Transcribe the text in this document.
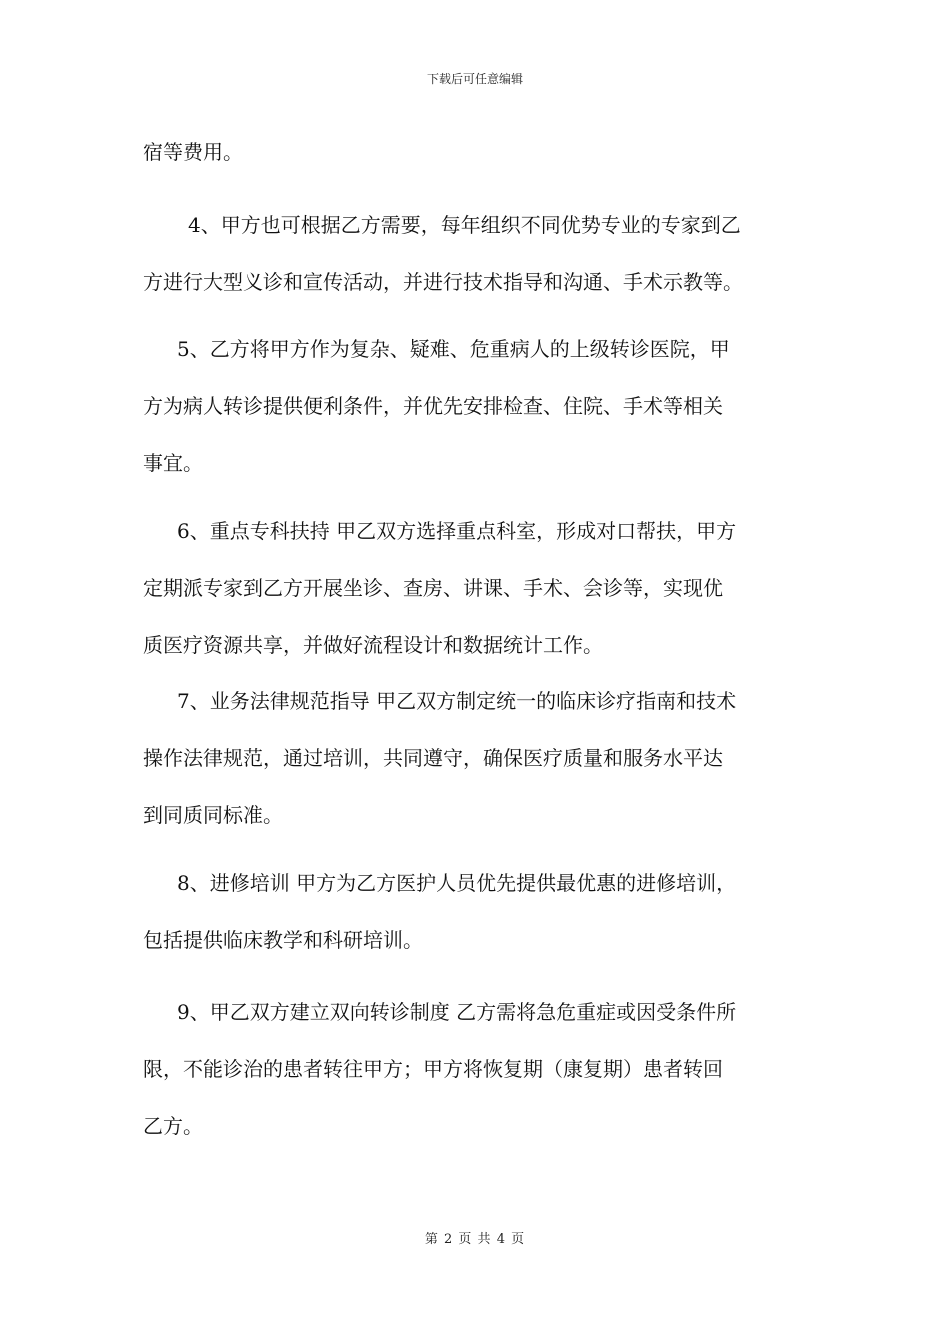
下载后可任意编辑
宿等费用。
4、甲方也可根据乙方需要，每年组织不同优势专业的专家到乙
方进行大型义诊和宣传活动，并进行技术指导和沟通、手术示教等。
5、乙方将甲方作为复杂、疑难、危重病人的上级转诊医院，甲
方为病人转诊提供便利条件，并优先安排检查、住院、手术等相关
事宜。
6、重点专科扶持 甲乙双方选择重点科室，形成对口帮扶，甲方
定期派专家到乙方开展坐诊、查房、讲课、手术、会诊等，实现优
质医疗资源共享，并做好流程设计和数据统计工作。
7、业务法律规范指导 甲乙双方制定统一的临床诊疗指南和技术
操作法律规范，通过培训，共同遵守，确保医疗质量和服务水平达
到同质同标准。
8、进修培训 甲方为乙方医护人员优先提供最优惠的进修培训，
包括提供临床教学和科研培训。
9、甲乙双方建立双向转诊制度 乙方需将急危重症或因受条件所
限，不能诊治的患者转往甲方；甲方将恢复期（康复期）患者转回
乙方。
第 2 页 共 4 页
